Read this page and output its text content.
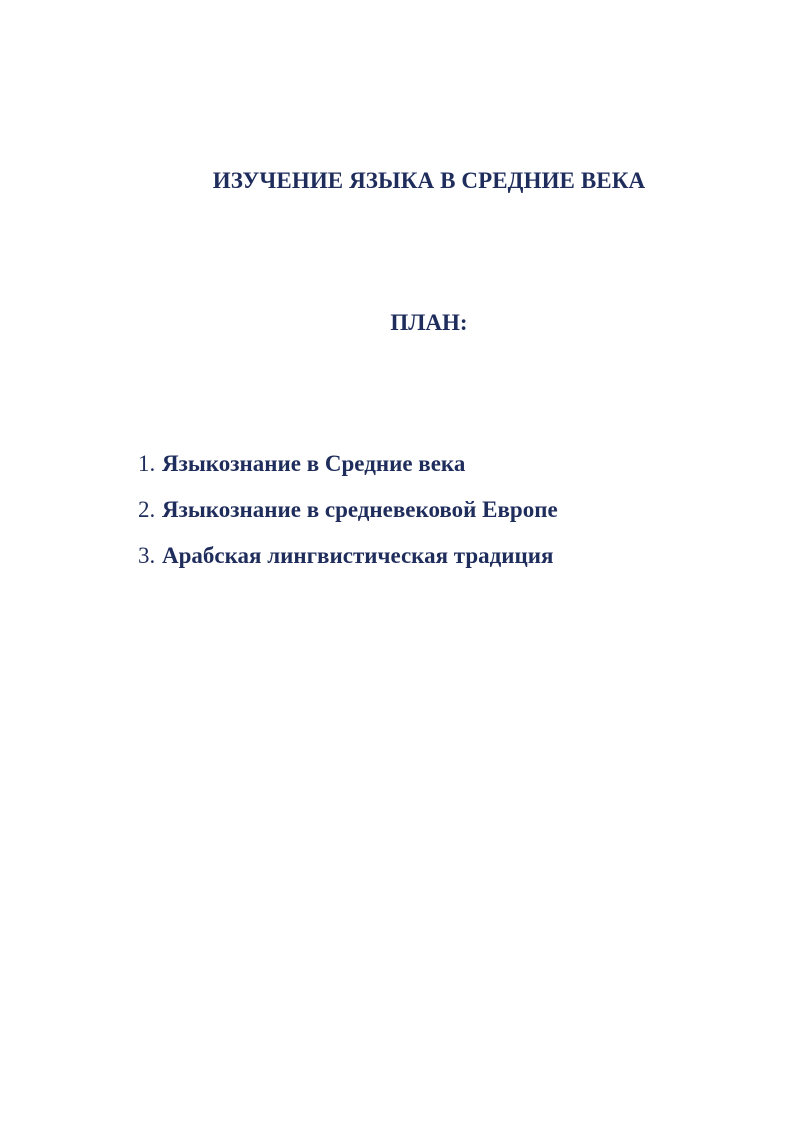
ИЗУЧЕНИЕ ЯЗЫКА В СРЕДНИЕ ВЕКА
ПЛАН:
1. Языкознание в Средние века
2. Языкознание в средневековой Европе
3. Арабская лингвистическая традиция
